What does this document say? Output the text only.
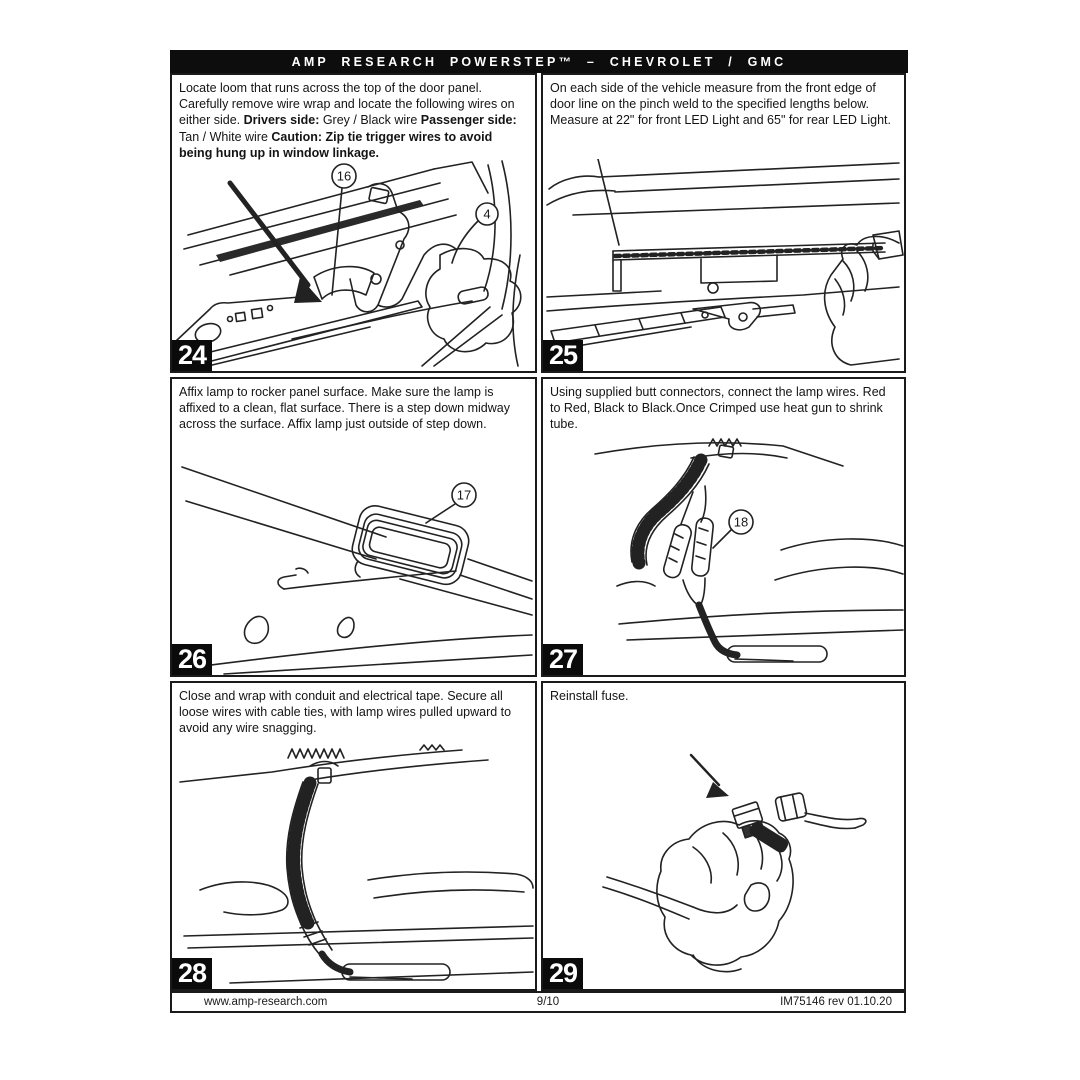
AMP RESEARCH POWERSTEP™ – CHEVROLET / GMC
Locate loom that runs across the top of the door panel. Carefully remove wire wrap and locate the following wires on either side. Drivers side: Grey / Black wire Passenger side: Tan / White wire Caution: Zip tie trigger wires to avoid being hung up in window linkage.
16
4
24
On each side of the vehicle measure from the front edge of door line on the pinch weld to the specified lengths below. Measure at 22" for front LED Light and 65" for rear LED Light.
25
Affix lamp to rocker panel surface. Make sure the lamp is affixed to a clean, flat surface. There is a step down midway across the surface. Affix lamp just outside of step down.
17
26
Using supplied butt connectors, connect the lamp wires. Red to Red, Black to Black.Once Crimped use heat gun to shrink tube.
18
27
Close and wrap with conduit and electrical tape. Secure all loose wires with cable ties, with lamp wires pulled upward to avoid any wire snagging.
28
Reinstall fuse.
29
www.amp-research.com	9/10	IM75146 rev 01.10.20
